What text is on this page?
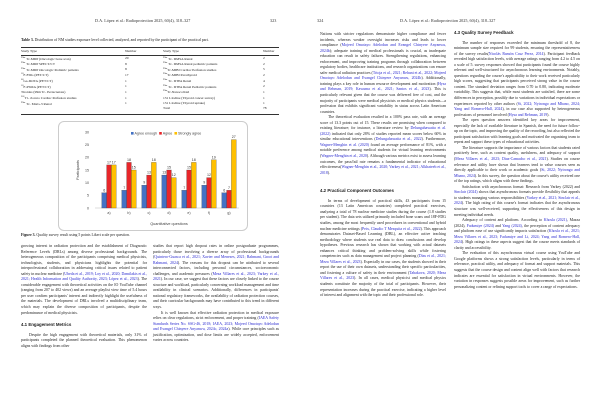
D.A. López et al.: Radioprotection 2025, 60(4), 318–327	323
Table 3. Distribution of NM studies exposure level collected, analyzed, and reported by the participant of the practical part.
Study Type	Number	Study Type	Number
$^{99m}$ Tc-MDP (Oncologic bone scan)	20	$^{99m}$ Tc- DMSA Renal	2
$^{99m}$ Tc-MDP SPECT/CT	8	$^{99m}$ Tc- DMSA Renal pediatric patients	2
$^{99m}$ Tc-MDP Oncologic Pediatric patients	8	$^{99m}$Tc-MIBI Cardiac Perfusion studies	5
$^{18}$F-FDG (PET/CT)	17	$^{99m}$Tc-MIBI Parathyroid	2
$^{68}$Ga-DOTA (PET/CT)	1	$^{99m}$ Tc- DTPA Renal	4
$^{18}$F-PSMA (PET/CT)	1	$^{99m}$ Tc- DTPA Renal Pediatric patients	2
Tiroides (99m Tc- Pertecnetate)	1	$^{99m}$Tc-Nanocolloid	1
$^{201}$Tl- cloruro Cardiac Perfusion studies	1	131 I-Iodine (Thyroid cancer survey)	1
$^{99m}$ Tc- MAG-3 Renal	1	131 I-Iodine (Thyroid uptake)	1
		Total	78
0
5
10
15
20
25
30
Participants
Quantitative questions
6
17 17
a)
7
18
15
b)
9
13
18
c)
13
15
12
d)
7
15
18
e)
9
12
19
f)
6
7
27
g)
Agree enough Agree Strongly agree
Figure 3. Quality survey result using 5 points Likert scale per question.

growing interest in radiation protection and the establishment of Diagnostic Reference Levels (DRLs) among diverse professional backgrounds. The heterogeneous composition of the participants comprising medical physicists, technologists, students, and physicians highlights the potential for interprofessional collaboration in addressing critical issues related to patient safety in nuclear medicine (Ubeda et al., 2019; Loy et al., 2020; Damilakis et al., 2021; Health Information and Quality Authority, 2023; López et al., 2023). The considerable engagement with theoretical activities on the IO YouTube channel (ranging from 207 to 402 views) and an average playlist view time of 5.4 hours per user confirm participants' interest and indirectly highlight the usefulness of the materials. The development of DRLs involved a multidisciplinary team, which may explain the diverse composition of participants, despite the predominance of medical physicists.

4.1 Engagement Metrics

Despite the high engagement with theoretical materials, only 31% of participants completed the planned theoretical evaluation. This phenomenon aligns with findings from other

studies that report high dropout rates in online postgraduate programmes, particularly those involving a diverse array of professional backgrounds (Quintero-Guasca et al., 2021; Xavier and Meneses, 2021; Rahmani, Groot and Rahmani, 2024). The reasons for this dropout can be attributed to several interconnected factors, including personal circumstances, socioeconomic challenges, and academic pressures (Meza Villares et al., 2023; Varkey et al., 2021). In our case, we suggest that these factors are closely linked to the course structure and workload, particularly concerning workload management and time availability in clinical scenarios. Additionally, differences in participants' national regulatory frameworks, the availability of radiation protection courses, and their curricular backgrounds may have contributed to this trend in different ways.

It is well known that effective radiation protection in medical exposure relies on clear regulations, strict enforcement, and proper training (IAEA Safety Standards Series No. SSG-46, 2018; IAEA, 2023; Mojeed Omotayo Adelodun and Evangel Chinyere Anyanwu, 2024c, 2024a). While core principles such as justification, optimization, and dose limits are widely accepted, enforcement varies across countries.

324	D.A. López et al.: Radioprotection 2025, 60(4), 318–327

Nations with stricter regulations demonstrate higher compliance and fewer incidents, whereas weaker oversight increases risks and leads to lower compliance (Mojeed Omotayo Adelodun and Evangel Chinyere Anyanwu, 2024b); adequate training of medical professionals is crucial, as inadequate education can result in safety failures. Strengthening regulations, enhancing enforcement, and improving training programs through collaboration between regulatory bodies, healthcare institutions, and research organizations can ensure safer medical radiation practices (Trioja et al., 2021; Rehani et al., 2022; Mojeed Omotayo Adelodun and Evangel Chinyere Anyanwu, 2024b). Additionally, training plays a key role in human resource development and motivation (Hysa and Rehman, 2019; Kawuma et al., 2021; Santos et al., 2023). This is particularly relevant given that the course was delivered free of cost, and the majority of participants were medical physicists or medical physics students—a profession that exhibits significant variability in status across Latin American countries.

The theoretical evaluation resulted in a 100% pass rate, with an average score of 13.3 points out of 15. These results are promising when compared to existing literature; for instance, a literature review by Delungahawatta et al. (2022) indicated that only 28% of studies reported mean scores below 60% in similar educational interventions (Delungahawatta et al., 2022). Furthermore, Wagner-Menghin et al. (2020) found an average performance of 81%, with a notable preference among medical students for virtual learning environments (Wagner-Menghin et al., 2020). Although various metrics exist to assess learning outcomes, the pass/fail rate remains a fundamental indicator of educational effectiveness(Wagner-Menghin et al., 2020; Varkey et al., 2021; Alkhateeb et al., 2018).

4.2 Practical Component Outcomes

In terms of development of practical skills, 43 participants from 15 countries (13 Latin American countries) completed practical exercises, analyzing a total of 78 nuclear medicine studies during the course (1.8 studies per student). The data sets utilized primarily included bone scans and 18F-FDG studies, among the most frequently used procedures in conventional and hybrid nuclear medicine settings (Peix, Claudio T Mesquita et al., 2022). This approach demonstrates Dataset-Based Learning (DBL), an effective active teaching methodology where students use real data to draw conclusions and develop hypotheses. Previous research has shown that working with actual datasets enhances critical thinking and problem-solving skills while fostering competencies such as data management and project planning (Dias et al., 2021; Meza Villares et al., 2023). Especially in our cases, the students showed in their report the use of their own datasets, understanding their specific particularities, and fostering a culture of safety in their environment (Tabakova, 2020; Meza Villares et al., 2023). In all cases, medical physicist and medical physics students constitute the majority of the total of participants. However, their representation increases during the practical exercise, indicating a higher level of interest and alignment with the topic and their professional role.

4.3 Quality Survey Feedback

The number of responses exceeded the minimum threshold of 8, the minimum sample size required for 99 students, ensuring the representativeness of the survey results(Nicolás Ramón Cruz Perez, 2014). Participant feedback revealed high satisfaction levels, with average ratings ranging from 4.2 to 4.5 on a scale of 5. survey responses showed that participants found the course highly relevant and well-structured for asynchronous learning environments. Notably, questions regarding the course's applicability to their work received particularly high scores, suggesting that participants perceived strong value in the course content. The standard deviation ranges from 0.70 to 0.80, indicating moderate variability. This suggests that, while most students are satisfied, there are some differences in perception, possibly due to variations in individual expectations or experiences reported by other authors (Si, 2022; Nyirongo and Mbano, 2024; Yang and Romero-Hall, 2024), in our case also supported by heterogeneous professions of personnel involved (Hysa and Rehman, 2019).

The open question answers identified key areas for improvement, especially the lack of available literature in Spanish, the need for future follow-up on the topic, and improving the quality of the recording, but also reflected the participant satisfaction with learning goals and motivated the organising team to repeat and support these types of educational activities.

The literature supports the importance of various factors that students rated positively here, such as content quality, usefulness, and adequacy of support (Meza Villares et al., 2023; Diaz-Camacho et al., 2021). Studies on course relevance and utility have shown that learners tend to value courses seen as directly applicable to their work or academic goals (Si, 2022; Nyirongo and Mbano, 2024). In this survey, the question about the course's utility received one of the top ratings, which aligns with these findings.

Satisfaction with asynchronous format: Research from Varkey (2022) and Sinclair (2024) shows that asynchronous formats provide flexibility that appeals to students managing various responsibilities (Varkey et al., 2021; Sinclair et al., 2024). The high rating of this course's format indicates that the asynchronous structure was well-received, supporting the effectiveness of this design in meeting individual needs.

Adequacy of content and platform. According to Khosla (2021), Mazza (2024), Fadumiye (2024) and Yang (2024), the perception of content adequacy and platform ease of use significantly impacts satisfaction (Khosla et al., 2021; Meza Villares et al., 2023; Fadumiye and Li, 2024; Yang and Romero-Hall, 2024). High ratings in these aspects suggest that the course meets standards of clarity and accessibility.

The evaluation of this asynchronous virtual course using YouTube and Google platforms shows a strong satisfaction levels, particularly in terms of relevance, practical utility, and adequacy of format and support materials. This suggests that the course design and content align well with factors that research indicates are essential for satisfaction in virtual environments. However, the variation in responses suggests possible areas for improvement, such as further personalizing content or refining support tools to cover a range of expectations.
